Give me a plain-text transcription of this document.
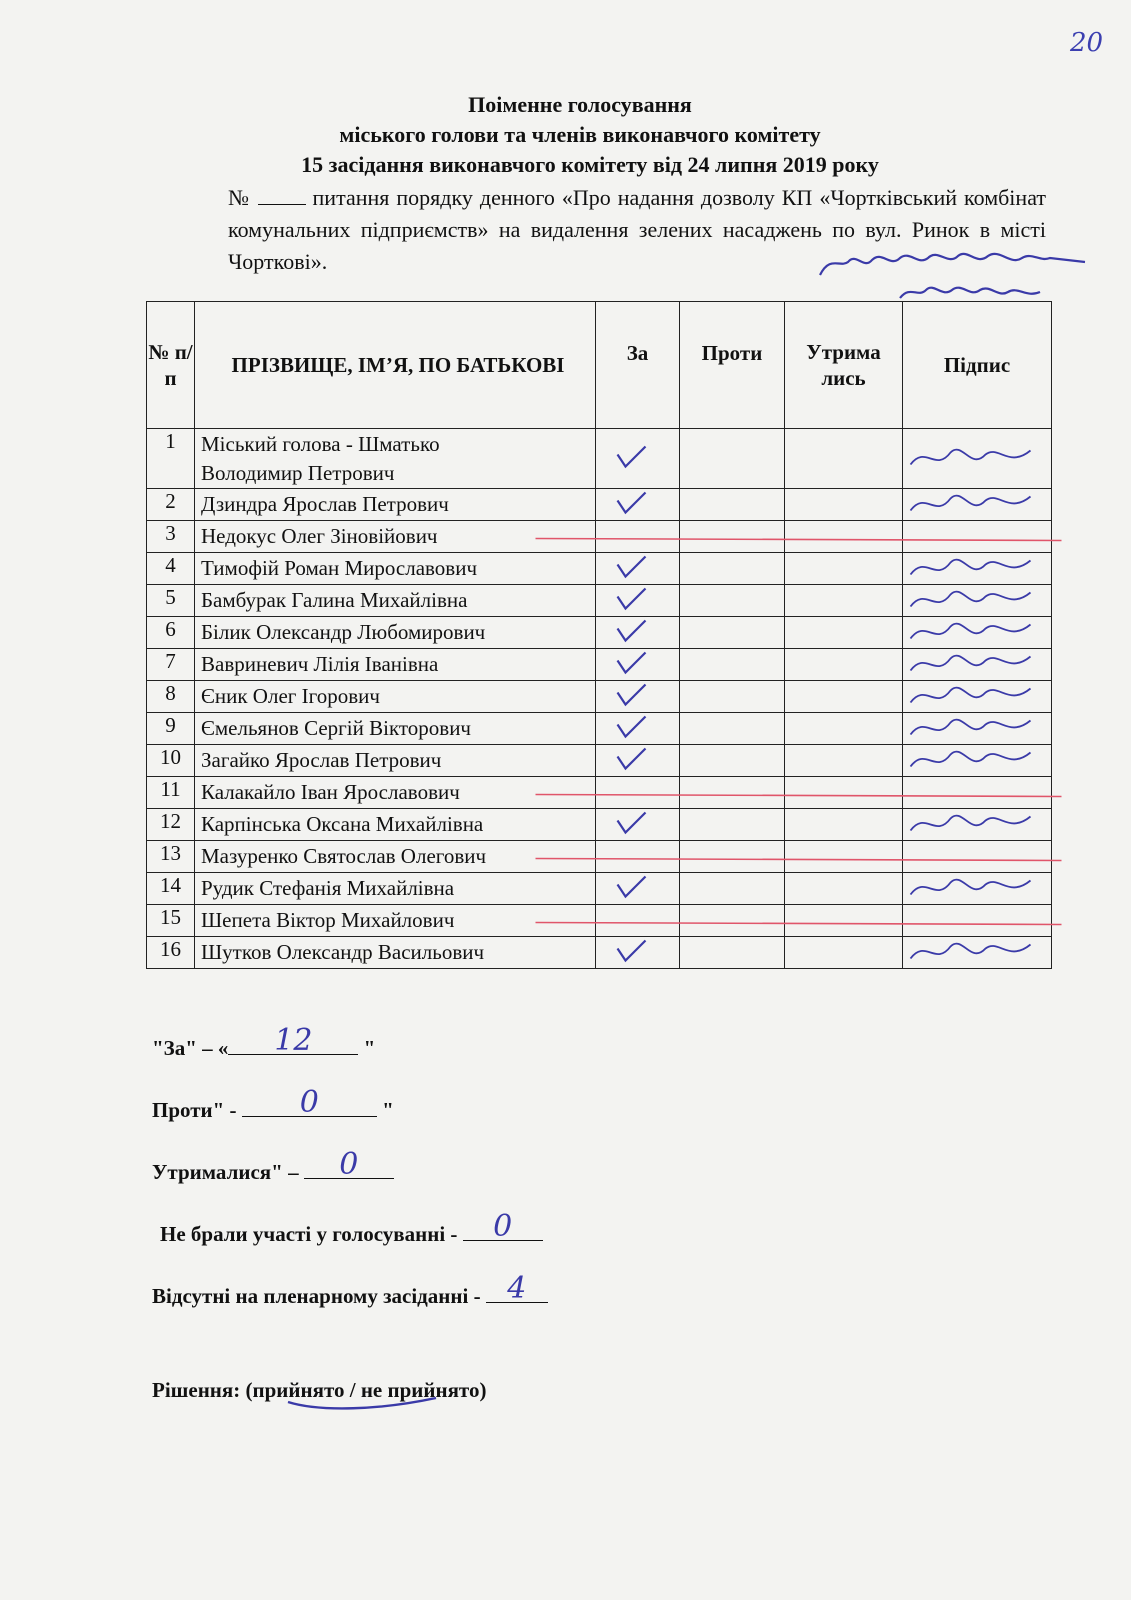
20
Поіменне голосування
міського голови та членів виконавчого комітету
15 засідання виконавчого комітету від 24 липня 2019 року
№	питання порядку денного «Про надання дозволу КП «Чортківський комбінат комунальних підприємств» на видалення зелених насаджень по вул. Ринок в місті Чорткові».
№ п/п	ПРІЗВИЩЕ, ІМ’Я, ПО БАТЬКОВІ	За	Проти	Утрима
лись	Підпис
1	Міський голова - Шматько
Володимир Петрович				

2	Дзиндра Ярослав Петрович				

3	Недокус Олег Зіновійович				

4	Тимофій Роман Мирославович				

5	Бамбурак Галина Михайлівна				

6	Білик Олександр Любомирович				

7	Вавриневич Лілія Іванівна				

8	Єник Олег Ігорович				

9	Ємельянов Сергій Вікторович				

10	Загайко Ярослав Петрович				

11	Калакайло Іван Ярославович				

12	Карпінська Оксана Михайлівна				

13	Мазуренко Святослав Олегович				

14	Рудик Стефанія Михайлівна				

15	Шепета Віктор Михайлович				

16	Шутков Олександр Васильович				

"За" – « 12 "
Проти" - 0	"
Утрималися" – 0
Не брали участі у голосуванні - 0
Відсутні на пленарному засіданні - 4
Рішення: (прийнято / не прийнято)
